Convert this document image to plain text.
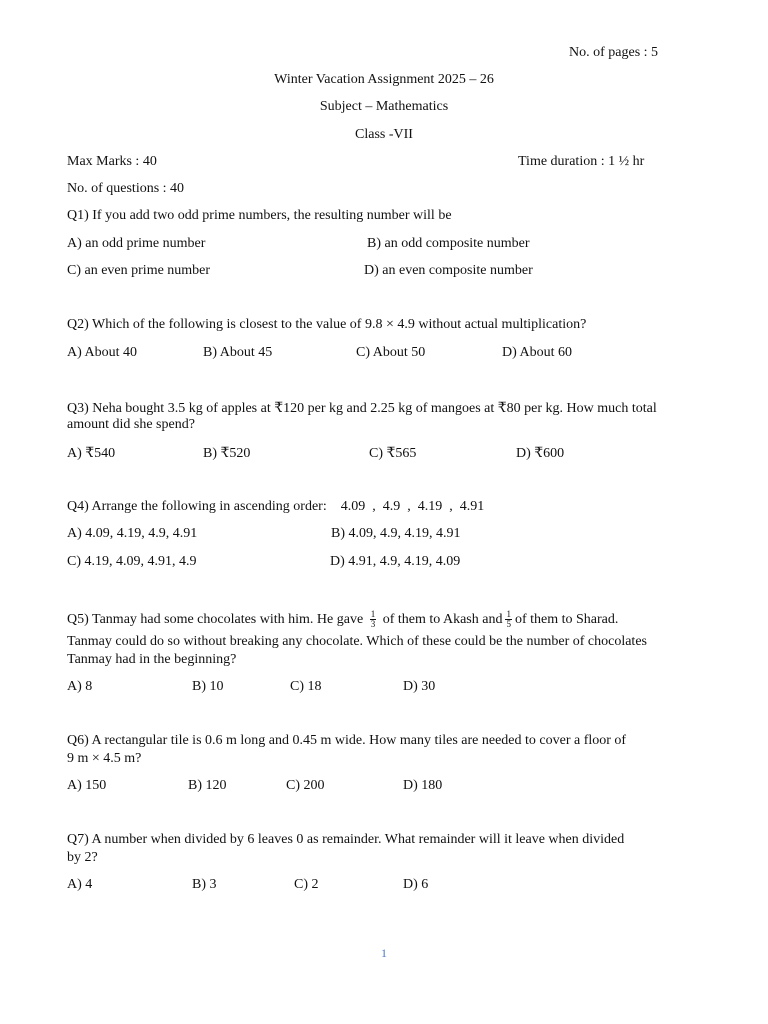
No. of pages : 5
Winter Vacation Assignment 2025 – 26
Subject – Mathematics
Class -VII
Max Marks : 40	Time duration : 1 ½ hr
No. of questions : 40
Q1) If you add two odd prime numbers, the resulting number will be
A) an odd prime number	B) an odd composite number
C) an even prime number	D) an even composite number
Q2) Which of the following is closest to the value of 9.8 × 4.9 without actual multiplication?
A) About 40	B) About 45	C) About 50	D) About 60
Q3) Neha bought 3.5 kg of apples at ₹120 per kg and 2.25 kg of mangoes at ₹80 per kg. How much total
amount did she spend?
A) ₹540	B) ₹520	C) ₹565	D) ₹600
Q4) Arrange the following in ascending order:    4.09  ,  4.9  ,  4.19  ,  4.91
A) 4.09, 4.19, 4.9, 4.91	B) 4.09, 4.9, 4.19, 4.91
C) 4.19, 4.09, 4.91, 4.9	D) 4.91, 4.9, 4.19, 4.09
Q5) Tanmay had some chocolates with him. He gave $\frac{1}{3}$ of them to Akash and $\frac{1}{5}$ of them to Sharad.
Tanmay could do so without breaking any chocolate. Which of these could be the number of chocolates
Tanmay had in the beginning?
A) 8	B) 10	C) 18	D) 30
Q6) A rectangular tile is 0.6 m long and 0.45 m wide. How many tiles are needed to cover a floor of
9 m × 4.5 m?
A) 150	B) 120	C) 200	D) 180
Q7) A number when divided by 6 leaves 0 as remainder. What remainder will it leave when divided
by 2?
A) 4	B) 3	C) 2	D) 6
1
